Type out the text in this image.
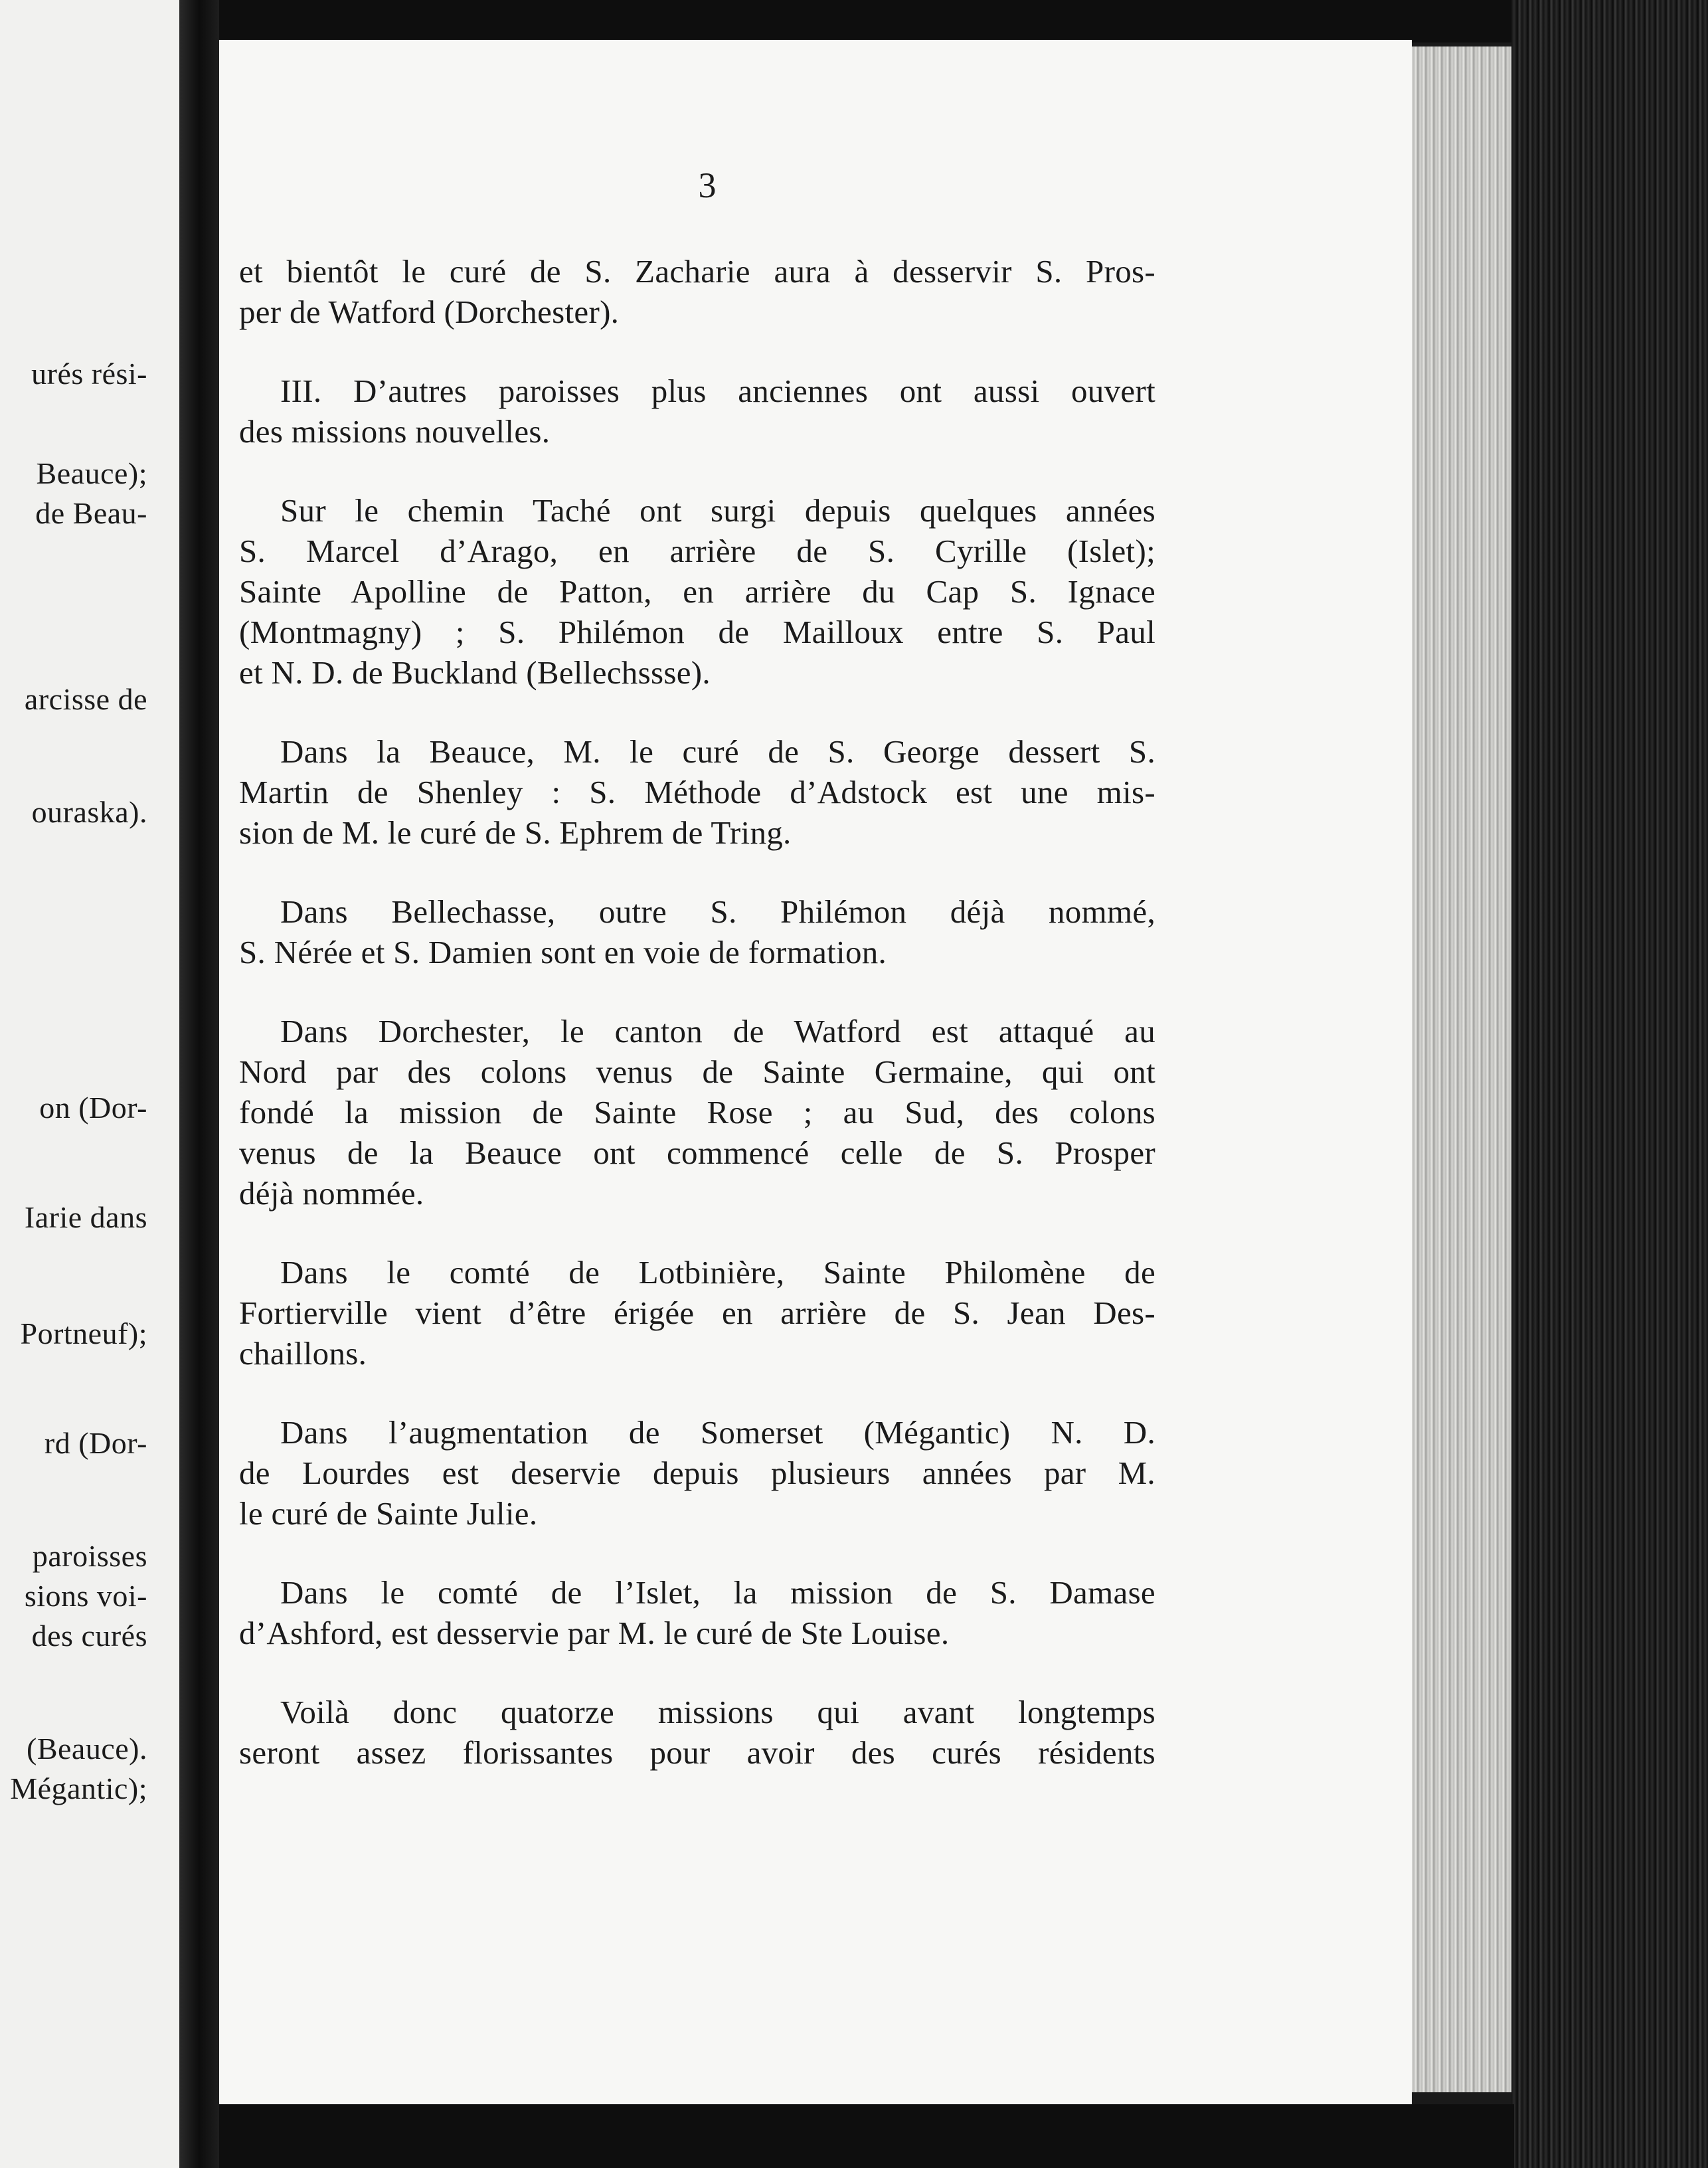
urés rési-
Beauce);
de Beau-
arcisse de
ouraska).
on (Dor-
Iarie dans
Portneuf);
rd (Dor-
paroisses
sions voi-
des curés
(Beauce).
Mégantic);
3
et bientôt le curé de S. Zacharie aura à desservir S. Pros-
per de Watford (Dorchester).
III. D’autres paroisses plus anciennes ont aussi ouvert
des missions nouvelles.
Sur le chemin Taché ont surgi depuis quelques années
S. Marcel d’Arago, en arrière de S. Cyrille (Islet);
Sainte Apolline de Patton, en arrière du Cap S. Ignace
(Montmagny) ; S. Philémon de Mailloux entre S. Paul
et N. D. de Buckland (Bellechssse).
Dans la Beauce, M. le curé de S. George dessert S.
Martin de Shenley : S. Méthode d’Adstock est une mis-
sion de M. le curé de S. Ephrem de Tring.
Dans Bellechasse, outre S. Philémon déjà nommé,
S. Nérée et S. Damien sont en voie de formation.
Dans Dorchester, le canton de Watford est attaqué au
Nord par des colons venus de Sainte Germaine, qui ont
fondé la mission de Sainte Rose ; au Sud, des colons
venus de la Beauce ont commencé celle de S. Prosper
déjà nommée.
Dans le comté de Lotbinière, Sainte Philomène de
Fortierville vient d’être érigée en arrière de S. Jean Des-
chaillons.
Dans l’augmentation de Somerset (Mégantic) N. D.
de Lourdes est deservie depuis plusieurs années par M.
le curé de Sainte Julie.
Dans le comté de l’Islet, la mission de S. Damase
d’Ashford, est desservie par M. le curé de Ste Louise.
Voilà donc quatorze missions qui avant longtemps
seront assez florissantes pour avoir des curés résidents
